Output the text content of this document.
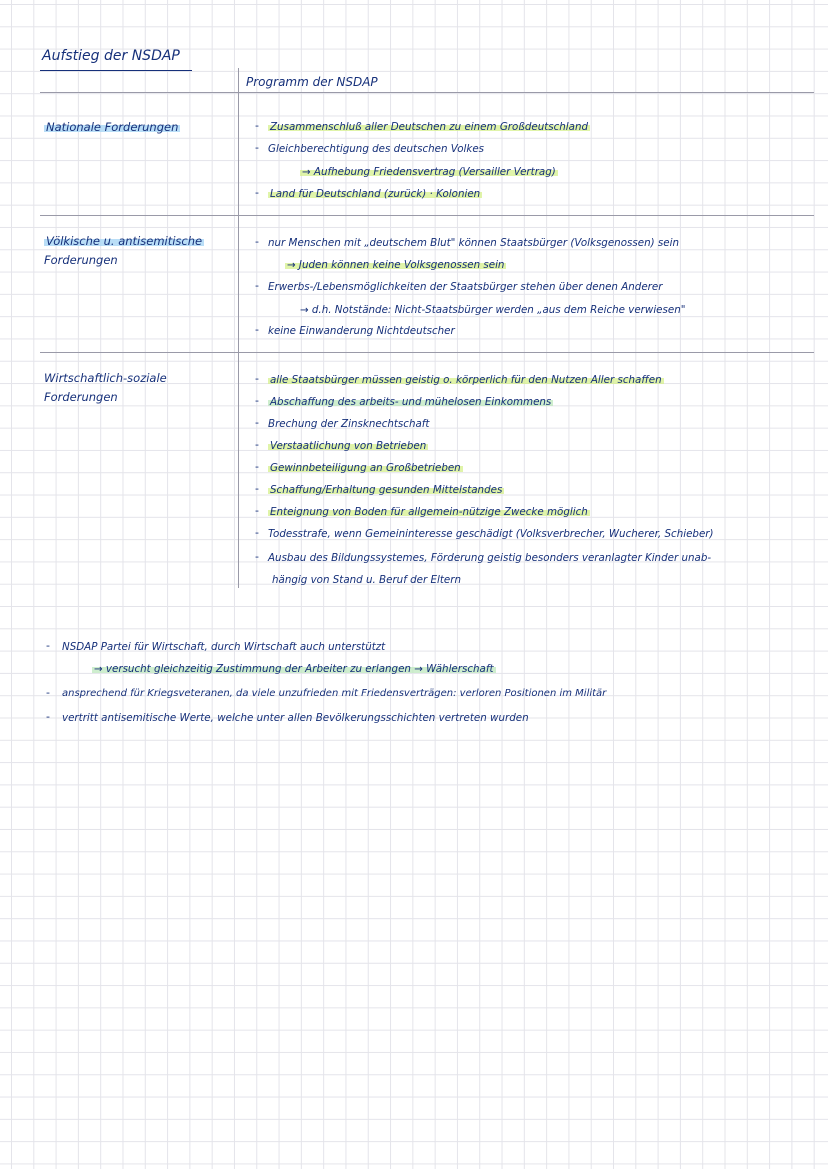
Aufstieg der NSDAP
Programm der NSDAP
Nationale Forderungen	- Zusammenschluß aller Deutschen zu einem Großdeutschland
- Gleichberechtigung des deutschen Volkes
→ Aufhebung Friedensvertrag (Versailler Vertrag)
- Land für Deutschland (zurück) · Kolonien
Völkische u. antisemitische
Forderungen
- nur Menschen mit „deutschem Blut" können Staatsbürger (Volksgenossen) sein
→ Juden können keine Volksgenossen sein
- Erwerbs-/Lebensmöglichkeiten der Staatsbürger stehen über denen Anderer
→ d.h. Notstände: Nicht-Staatsbürger werden „aus dem Reiche verwiesen"
- keine Einwanderung Nichtdeutscher
Wirtschaftlich-soziale
Forderungen
- alle Staatsbürger müssen geistig o. körperlich für den Nutzen Aller schaffen
- Abschaffung des arbeits- und mühelosen Einkommens
- Brechung der Zinsknechtschaft
- Verstaatlichung von Betrieben
- Gewinnbeteiligung an Großbetrieben
- Schaffung/Erhaltung gesunden Mittelstandes
- Enteignung von Boden für allgemein-nützige Zwecke möglich
- Todesstrafe, wenn Gemeininteresse geschädigt (Volksverbrecher, Wucherer, Schieber)
- Ausbau des Bildungssystemes, Förderung geistig besonders veranlagter Kinder unab-
hängig von Stand u. Beruf der Eltern
- NSDAP Partei für Wirtschaft, durch Wirtschaft auch unterstützt
→ versucht gleichzeitig Zustimmung der Arbeiter zu erlangen → Wählerschaft
- ansprechend für Kriegsveteranen, da viele unzufrieden mit Friedensverträgen: verloren Positionen im Militär
- vertritt antisemitische Werte, welche unter allen Bevölkerungsschichten vertreten wurden
